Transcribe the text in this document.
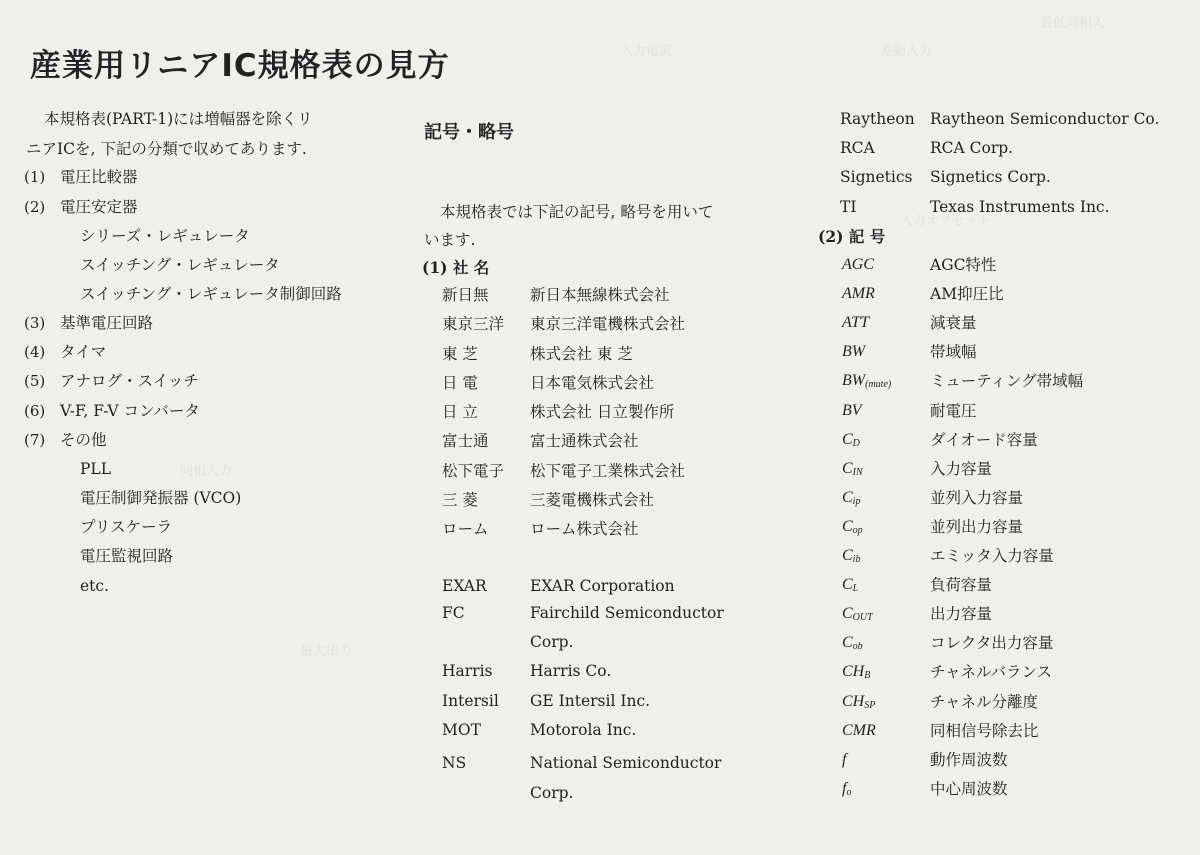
最低同相入
入力電流	差動入力
入力オフセット
同相入力
最大出力
産業用リニアIC規格表の見方
本規格表(PART-1)には増幅器を除くリ
ニアICを, 下記の分類で収めてあります.
(1) 電圧比較器
(2) 電圧安定器
シリーズ・レギュレータ
スイッチング・レギュレータ
スイッチング・レギュレータ制御回路
(3) 基準電圧回路
(4) タイマ
(5) アナログ・スイッチ
(6) V-F, F-V コンバータ
(7) その他
PLL
電圧制御発振器 (VCO)
プリスケーラ
電圧監視回路
etc.
記号・略号
本規格表では下記の記号, 略号を用いて
います.
(1) 社 名
新日無	新日本無線株式会社
東京三洋 東京三洋電機株式会社
東 芝	株式会社 東 芝
日 電	日本電気株式会社
日 立	株式会社 日立製作所
富士通	富士通株式会社
松下電子 松下電子工業株式会社
三 菱	三菱電機株式会社
ローム	ローム株式会社
EXAR	EXAR Corporation
FC	Fairchild Semiconductor
Corp.
Harris Harris Co.
Intersil GE Intersil Inc.
MOT	Motorola Inc.
NS	National Semiconductor
Corp.
Raytheon Raytheon Semiconductor Co.
RCA	RCA Corp.
Signetics Signetics Corp.
TI	Texas Instruments Inc.
(2) 記 号
AGC	AGC特性
AMR	AM抑圧比
ATT	減衰量
BW	帯域幅
$BW_{(mute)}$	ミューティング帯域幅
BV	耐電圧
$C_D$	ダイオード容量
$C_{IN}$	入力容量
$C_{ip}$	並列入力容量
$C_{op}$	並列出力容量
$C_{ib}$	エミッタ入力容量
$C_L$	負荷容量
$C_{OUT}$	出力容量
$C_{ob}$	コレクタ出力容量
$CH_B$	チャネルバランス
$CH_{SP}$	チャネル分離度
CMR	同相信号除去比
f	動作周波数
$f_o$	中心周波数
